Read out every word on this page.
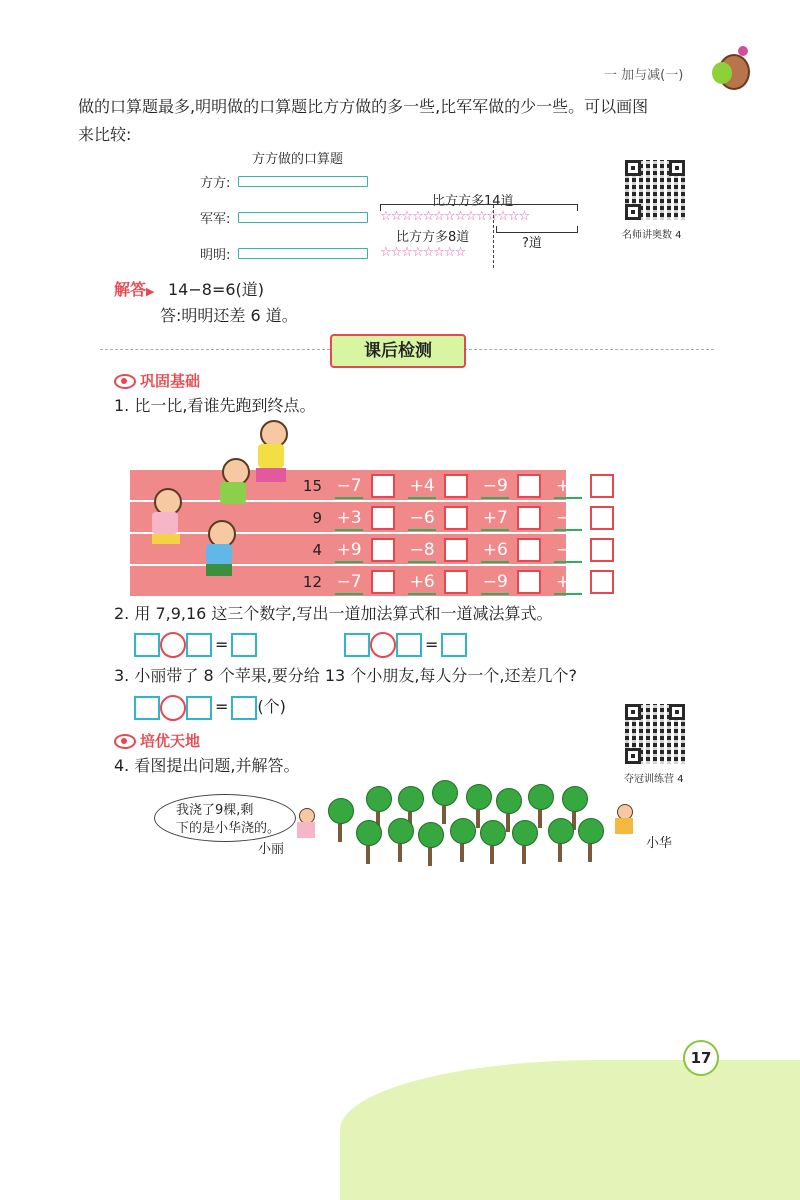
一 加与减(一)
做的口算题最多,明明做的口算题比方方做的多一些,比军军做的少一些。可以画图
来比较:
方方做的口算题
方方:
军军:
明明:
比方方多14道
☆☆☆☆☆☆☆☆☆☆☆☆☆☆
比方方多8道
☆☆☆☆☆☆☆☆
?道
名师讲奥数 4
解答▶ 14−8=6(道)
答:明明还差 6 道。
课后检测
巩固基础
1. 比一比,看谁先跑到终点。
15 −7	+4	−9	+8
9 +3	−6	+7	−8
4 +9	−8	+6	−9
12 −7	+6	−9	+6
2. 用 7,9,16 这三个数字,写出一道加法算式和一道减法算式。
=	=
3. 小丽带了 8 个苹果,要分给 13 个小朋友,每人分一个,还差几个?
= (个)
培优天地
夺冠训练营 4
4. 看图提出问题,并解答。
我浇了9棵,剩
下的是小华浇的。
小丽	小华
17
